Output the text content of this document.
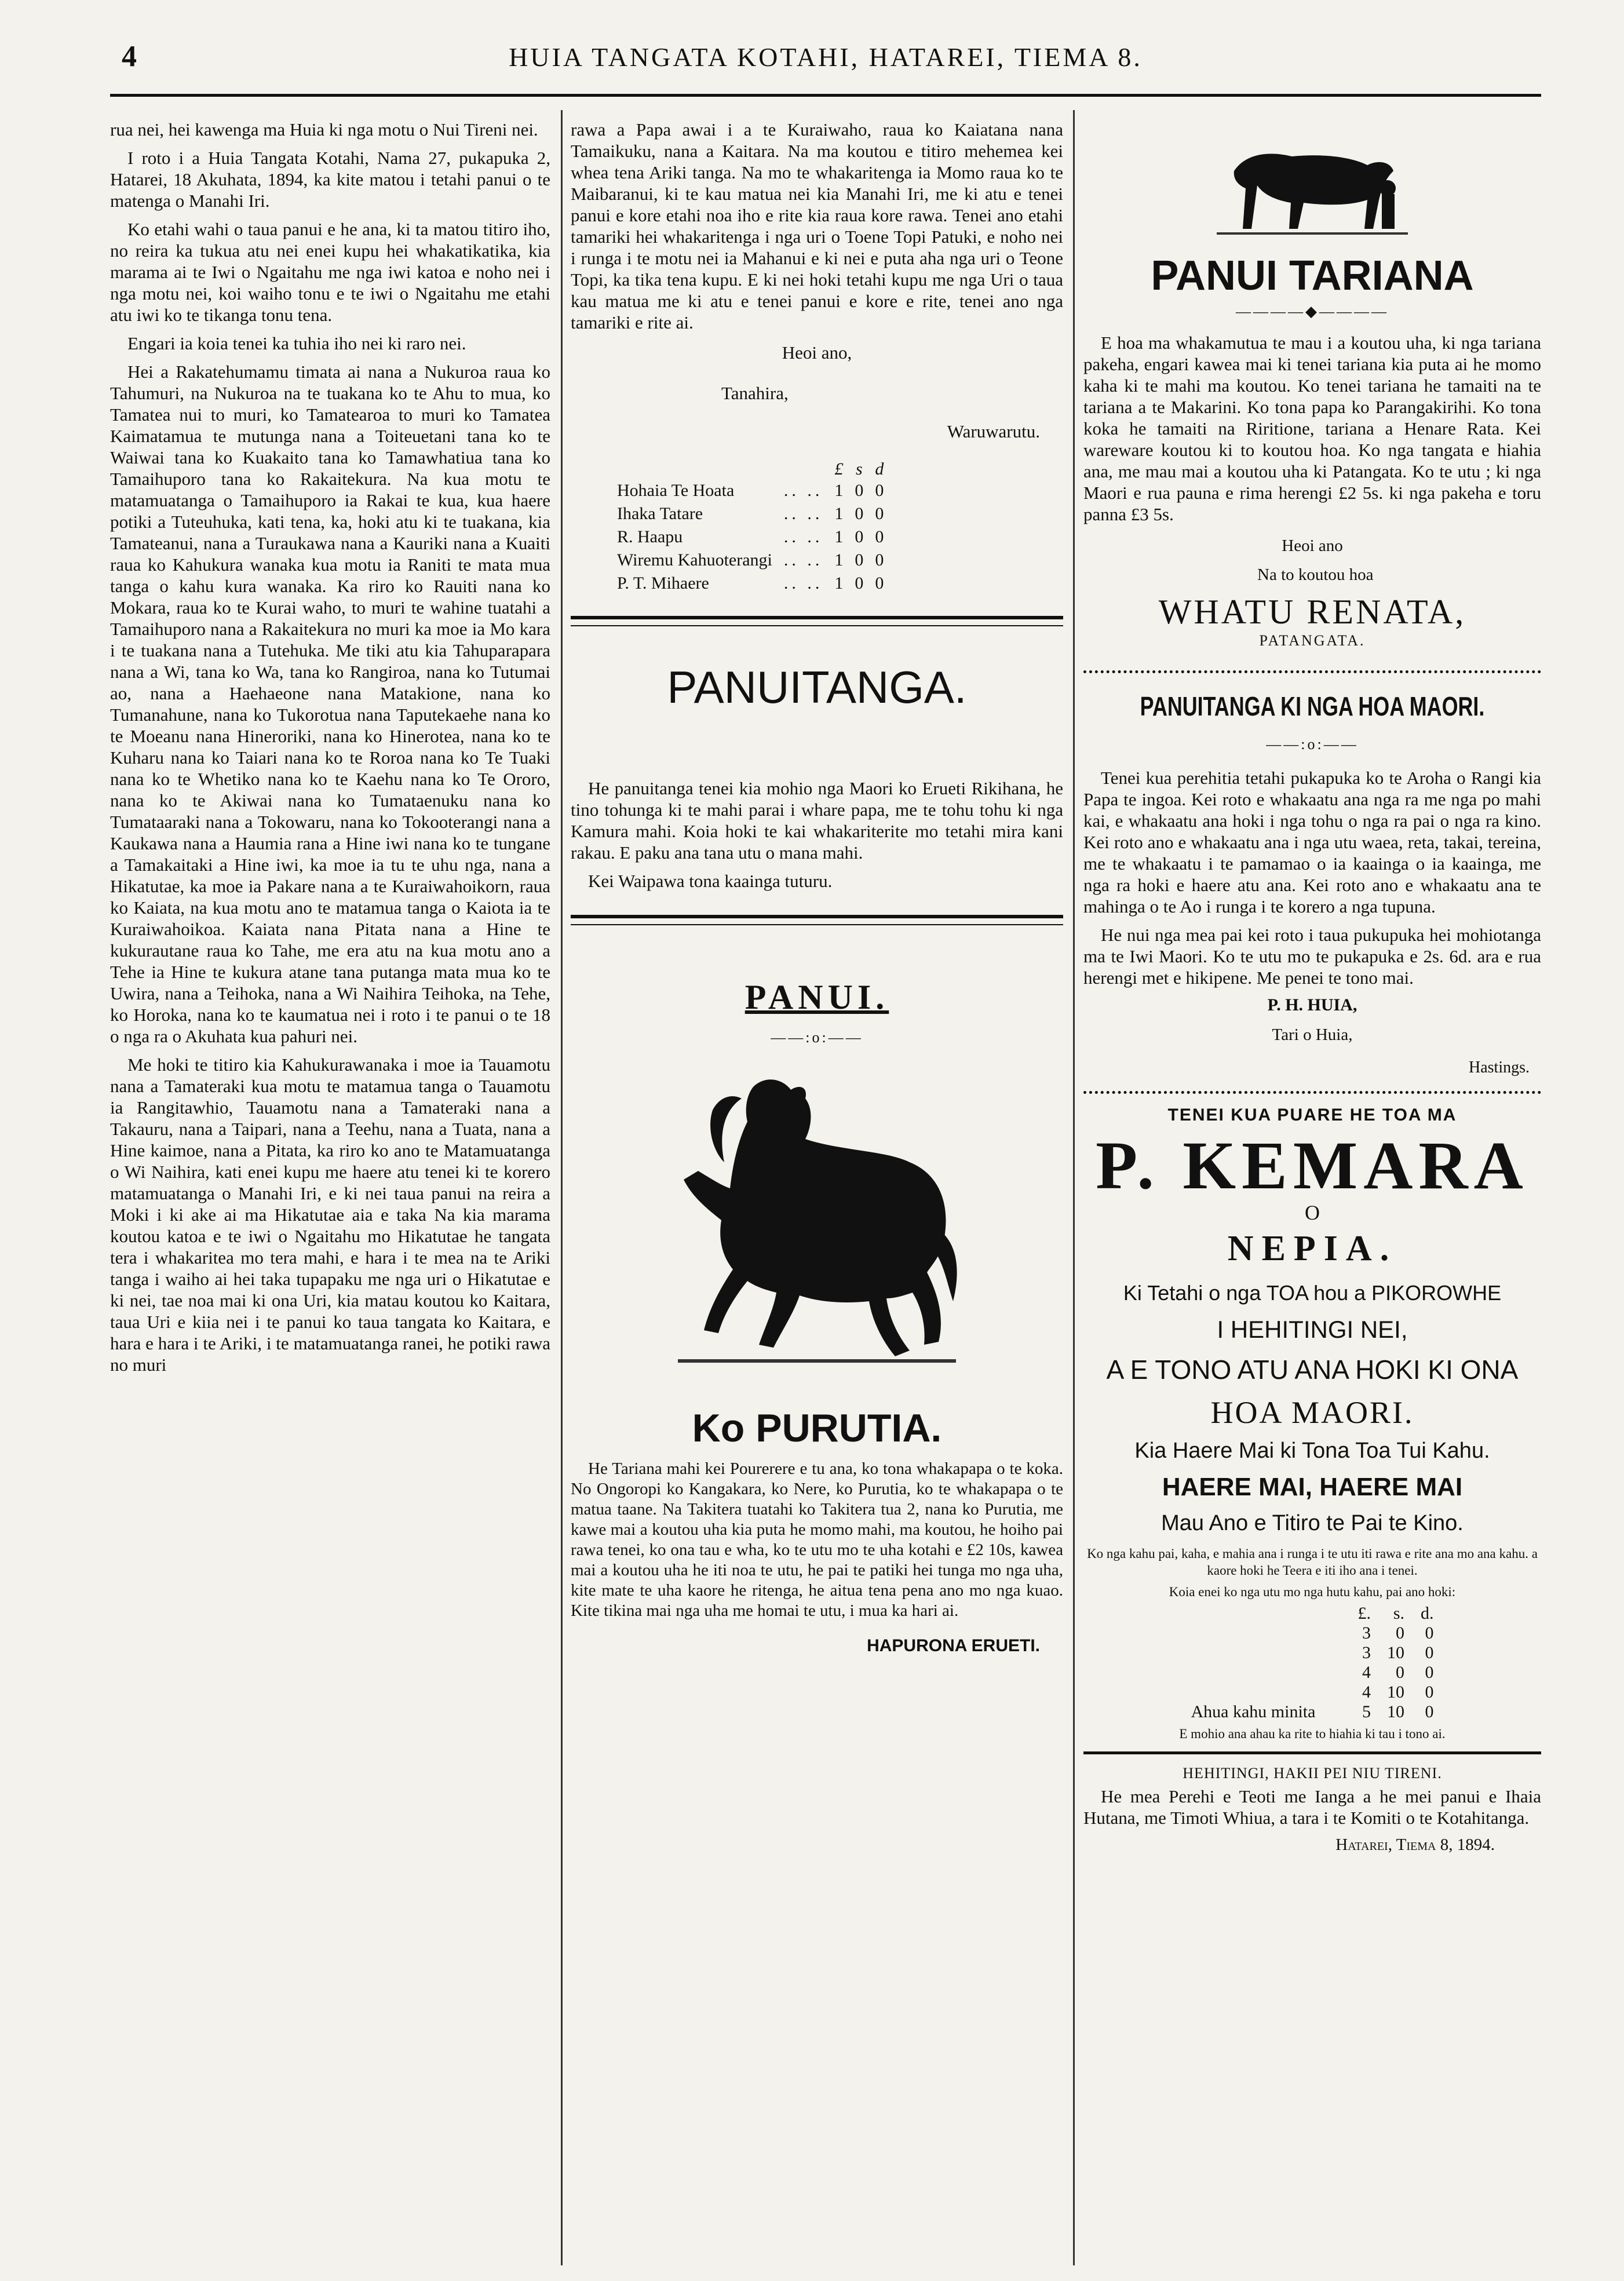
4	HUIA TANGATA KOTAHI, HATAREI, TIEMA 8.

rua nei, hei kawenga ma Huia ki nga motu o Nui Tireni nei.

I roto i a Huia Tangata Kotahi, Nama 27, pukapuka 2, Hatarei, 18 Akuhata, 1894, ka kite matou i tetahi panui o te matenga o Manahi Iri.

Ko etahi wahi o taua panui e he ana, ki ta matou titiro iho, no reira ka tukua atu nei enei kupu hei whakatikatika, kia marama ai te Iwi o Ngaitahu me nga iwi katoa e noho nei i nga motu nei, koi waiho tonu e te iwi o Ngaitahu me etahi atu iwi ko te tikanga tonu tena.

Engari ia koia tenei ka tuhia iho nei ki raro nei.

Hei a Rakatehumamu timata ai nana a Nukuroa raua ko Tahumuri, na Nukuroa na te tuakana ko te Ahu to mua, ko Tamatea nui to muri, ko Tamatearoa to muri ko Tamatea Kaimatamua te mutunga nana a Toiteuetani tana ko te Waiwai tana ko Kuakaito tana ko Tamawhatiua tana ko Tamaihuporo tana ko Rakaitekura. Na kua motu te matamuatanga o Tamaihuporo ia Rakai te kua, kua haere potiki a Tuteuhuka, kati tena, ka, hoki atu ki te tuakana, kia Tamateanui, nana a Turaukawa nana a Kauriki nana a Kuaiti raua ko Kahukura wanaka kua motu ia Raniti te mata mua tanga o kahu kura wanaka. Ka riro ko Rauiti nana ko Mokara, raua ko te Kurai waho, to muri te wahine tuatahi a Tamaihuporo nana a Rakaitekura no muri ka moe ia Mo kara i te tuakana nana a Tutehuka. Me tiki atu kia Tahuparapara nana a Wi, tana ko Wa, tana ko Rangiroa, nana ko Tutumai ao, nana a Haehaeone nana Matakione, nana ko Tumanahune, nana ko Tukorotua nana Taputekaehe nana ko te Moeanu nana Hineroriki, nana ko Hinerotea, nana ko te Kuharu nana ko Taiari nana ko te Roroa nana ko Te Tuaki nana ko te Whetiko nana ko te Kaehu nana ko Te Ororo, nana ko te Akiwai nana ko Tumataenuku nana ko Tumataaraki nana a Tokowaru, nana ko Tokooterangi nana a Kaukawa nana a Haumia rana a Hine iwi nana ko te tungane a Tamakaitaki a Hine iwi, ka moe ia tu te uhu nga, nana a Hikatutae, ka moe ia Pakare nana a te Kuraiwahoikorn, raua ko Kaiata, na kua motu ano te matamua tanga o Kaiota ia te Kuraiwahoikoa. Kaiata nana Pitata nana a Hine te kukurautane raua ko Tahe, me era atu na kua motu ano a Tehe ia Hine te kukura atane tana putanga mata mua ko te Uwira, nana a Teihoka, nana a Wi Naihira Teihoka, na Tehe, ko Horoka, nana ko te kaumatua nei i roto i te panui o te 18 o nga ra o Akuhata kua pahuri nei.

Me hoki te titiro kia Kahukurawanaka i moe ia Tauamotu nana a Tamateraki kua motu te matamua tanga o Tauamotu ia Rangitawhio, Tauamotu nana a Tamateraki nana a Takauru, nana a Taipari, nana a Teehu, nana a Tuata, nana a Hine kaimoe, nana a Pitata, ka riro ko ano te Matamuatanga o Wi Naihira, kati enei kupu me haere atu tenei ki te korero matamuatanga o Manahi Iri, e ki nei taua panui na reira a Moki i ki ake ai ma Hikatutae aia e taka Na kia marama koutou katoa e te iwi o Ngaitahu mo Hikatutae he tangata tera i whakaritea mo tera mahi, e hara i te mea na te Ariki tanga i waiho ai hei taka tupapaku me nga uri o Hikatutae e ki nei, tae noa mai ki ona Uri, kia matau koutou ko Kaitara, taua Uri e kiia nei i te panui ko taua tangata ko Kaitara, e hara e hara i te Ariki, i te matamuatanga ranei, he potiki rawa no muri

rawa a Papa awai i a te Kuraiwaho, raua ko Kaiatana nana Tamaikuku, nana a Kaitara. Na ma koutou e titiro mehemea kei whea tena Ariki tanga. Na mo te whakaritenga ia Momo raua ko te Maibaranui, ki te kau matua nei kia Manahi Iri, me ki atu e tenei panui e kore etahi noa iho e rite kia raua kore rawa. Tenei ano etahi tamariki hei whakaritenga i nga uri o Toene Topi Patuki, e noho nei i runga i te motu nei ia Mahanui e ki nei e puta aha nga uri o Teone Topi, ka tika tena kupu. E ki nei hoki tetahi kupu me nga Uri o taua kau matua me ki atu e tenei panui e kore e rite, tenei ano nga tamariki e rite ai.

Heoi ano,
Tanahira,
Waruwarutu.
		£	s	d
Hohaia Te Hoata	.. ..	1	0	0
Ihaka Tatare	.. ..	1	0	0
R. Haapu	.. ..	1	0	0
Wiremu Kahuoterangi	.. ..	1	0	0
P. T. Mihaere	.. ..	1	0	0
PANUITANGA.

He panuitanga tenei kia mohio nga Maori ko Erueti Rikihana, he tino tohunga ki te mahi parai i whare papa, me te tohu tohu ki nga Kamura mahi. Koia hoki te kai whakariterite mo tetahi mira kani rakau. E paku ana tana utu o mana mahi.

Kei Waipawa tona kaainga tuturu.

PANUI.
——:o:——
Ko PURUTIA.

He Tariana mahi kei Pourerere e tu ana, ko tona whakapapa o te koka. No Ongoropi ko Kangakara, ko Nere, ko Purutia, ko te whakapapa o te matua taane. Na Takitera tuatahi ko Takitera tua 2, nana ko Purutia, me kawe mai a koutou uha kia puta he momo mahi, ma koutou, he hoiho pai rawa tenei, ko ona tau e wha, ko te utu mo te uha kotahi e £2 10s, kawea mai a koutou uha he iti noa te utu, he pai te patiki hei tunga mo nga uha, kite mate te uha kaore he ritenga, he aitua tena pena ano mo nga kuao. Kite tikina mai nga uha me homai te utu, i mua ka hari ai.

HAPURONA ERUETI.
PANUI TARIANA
————◆————

E hoa ma whakamutua te mau i a koutou uha, ki nga tariana pakeha, engari kawea mai ki tenei tariana kia puta ai he momo kaha ki te mahi ma koutou. Ko tenei tariana he tamaiti na te tariana a te Makarini. Ko tona papa ko Parangakirihi. Ko tona koka he tamaiti na Riritione, tariana a Henare Rata. Kei wareware koutou ki to koutou hoa. Ko nga tangata e hiahia ana, me mau mai a koutou uha ki Patangata. Ko te utu ; ki nga Maori e rua pauna e rima herengi £2 5s. ki nga pakeha e toru panna £3 5s.

Heoi ano
Na to koutou hoa
WHATU RENATA,
PATANGATA.
PANUITANGA KI NGA HOA MAORI.
——:o:——

Tenei kua perehitia tetahi pukapuka ko te Aroha o Rangi kia Papa te ingoa. Kei roto e whakaatu ana nga ra me nga po mahi kai, e whakaatu ana hoki i nga tohu o nga ra pai o nga ra kino. Kei roto ano e whakaatu ana i nga utu waea, reta, takai, tereina, me te whakaatu i te pamamao o ia kaainga o ia kaainga, me nga ra hoki e haere atu ana. Kei roto ano e whakaatu ana te mahinga o te Ao i runga i te korero a nga tupuna.

He nui nga mea pai kei roto i taua pukupuka hei mohiotanga ma te Iwi Maori. Ko te utu mo te pukapuka e 2s. 6d. ara e rua herengi met e hikipene. Me penei te tono mai.

P. H. HUIA,
Tari o Huia,
Hastings.
TENEI KUA PUARE HE TOA MA
P. KEMARA
O
NEPIA.
Ki Tetahi o nga TOA hou a PIKOROWHE
I HEHITINGI NEI,
A E TONO ATU ANA HOKI KI ONA
HOA MAORI.
Kia Haere Mai ki Tona Toa Tui Kahu.
HAERE MAI, HAERE MAI
Mau Ano e Titiro te Pai te Kino.
Ko nga kahu pai, kaha, e mahia ana i runga i te utu iti rawa e rite ana mo ana kahu. a kaore hoki he Teera e iti iho ana i tenei.
Koia enei ko nga utu mo nga hutu kahu, pai ano hoki:
	£.	s.	d.
	3	0	0
	3	10	0
	4	0	0
	4	10	0
Ahua kahu minita	5	10	0
E mohio ana ahau ka rite to hiahia ki tau i tono ai.
HEHITINGI, HAKII PEI NIU TIRENI.

He mea Perehi e Teoti me Ianga a he mei panui e Ihaia Hutana, me Timoti Whiua, a tara i te Komiti o te Kotahitanga.

Hatarei, Tiema 8, 1894.
